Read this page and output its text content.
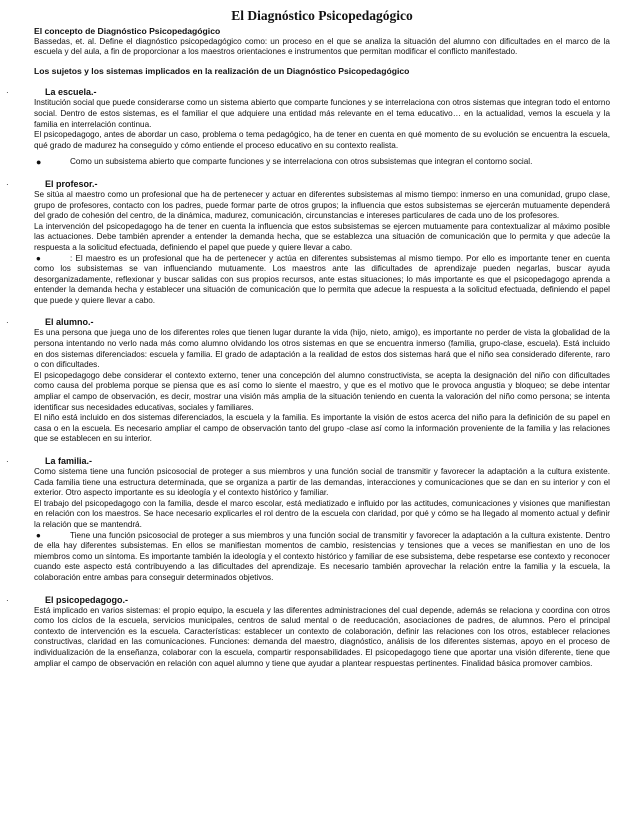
El Diagnóstico Psicopedagógico
El concepto de Diagnóstico Psicopedagógico

Bassedas, et. al. Define el diagnóstico psicopedagógico como: un proceso en el que se analiza la situación del alumno con dificultades en el marco de la escuela y del aula, a fin de proporcionar a los maestros orientaciones e instrumentos que permitan modificar el conflicto manifestado.

Los sujetos y los sistemas implicados en la realización de un Diagnóstico Psicopedagógico
·	La escuela.-

Institución social que puede considerarse como un sistema abierto que comparte funciones y se interrelaciona con otros sistemas que integran todo el entorno social. Dentro de estos sistemas, es el familiar el que adquiere una entidad más relevante en el tema educativo… en la actualidad, vemos la escuela y la familia en interrelación continua.

El psicopedagogo, antes de abordar un caso, problema o tema pedagógico, ha de tener en cuenta en qué momento de su evolución se encuentra la escuela, qué grado de madurez ha conseguido y cómo entiende el proceso educativo en su contexto realista.

●	Como un subsistema abierto que comparte funciones y se interrelaciona con otros subsistemas que integran el contorno social.

·	El profesor.-

Se sitúa al maestro como un profesional que ha de pertenecer y actuar en diferentes subsistemas al mismo tiempo: inmerso en una comunidad, grupo clase, grupo de profesores, contacto con los padres, puede formar parte de otros grupos; la influencia que estos subsistemas se ejercerán mutuamente dependerá del grado de cohesión del centro, de la dinámica, madurez, comunicación, circunstancias e intereses particulares de cada uno de los profesores.

La intervención del psicopedagogo ha de tener en cuenta la influencia que estos subsistemas se ejercen mutuamente para contextualizar al máximo posible las actuaciones. Debe también aprender a entender la demanda hecha, que se establezca una situación de comunicación que lo permita y que adecúe la respuesta a la solicitud efectuada, definiendo el papel que puede y quiere llevar a cabo.

●	: El maestro es un profesional que ha de pertenecer y actúa en diferentes subsistemas al mismo tiempo. Por ello es importante tener en cuenta como los subsistemas se van influenciando mutuamente. Los maestros ante las dificultades de aprendizaje pueden negarlas, buscar ayuda desorganizadamente, reflexionar y buscar salidas con sus propios recursos, ante estas situaciones; lo más importante es que el psicopedagogo aprenda a entender la demanda hecha y establecer una situación de comunicación que lo permita que adecue la respuesta a la solicitud efectuada, definiendo el papel que puede y quiere llevar a cabo.

·	El alumno.-

Es una persona que juega uno de los diferentes roles que tienen lugar durante la vida (hijo, nieto, amigo), es importante no perder de vista la globalidad de la persona intentando no verlo nada más como alumno olvidando los otros sistemas en que se encuentra inmerso (familia, grupo-clase, escuela). Está incluido en dos sistemas diferenciados: escuela y familia. El grado de adaptación a la realidad de estos dos sistemas hará que el niño sea considerado diferente, raro o con dificultades.

El psicopedagogo debe considerar el contexto externo, tener una concepción del alumno constructivista, se acepta la designación del niño con dificultades como causa del problema porque se piensa que es así como lo siente el maestro, y que es el motivo que le provoca angustia y bloqueo; se debe intentar ampliar el campo de observación, es decir, mostrar una visión más amplia de la situación teniendo en cuenta la valoración del niño como persona; se intenta identificar sus necesidades educativas, sociales y familiares.

El niño está incluido en dos sistemas diferenciados, la escuela y la familia. Es importante la visión de estos acerca del niño para la definición de su papel en casa o en la escuela. Es necesario ampliar el campo de observación tanto del grupo -clase así como la información proveniente de la familia y las relaciones que se establecen en su interior.

·	La familia.-

Como sistema tiene una función psicosocial de proteger a sus miembros y una función social de transmitir y favorecer la adaptación a la cultura existente. Cada familia tiene una estructura determinada, que se organiza a partir de las demandas, interacciones y comunicaciones que se dan en su interior y con el exterior. Otro aspecto importante es su ideología y el contexto histórico y familiar.

El trabajo del psicopedagogo con la familia, desde el marco escolar, está mediatizado e influido por las actitudes, comunicaciones y visiones que manifiestan en relación con los maestros. Se hace necesario explicarles el rol dentro de la escuela con claridad, por qué y cómo se ha llegado al momento actual y definir la relación que se mantendrá.

●	Tiene una función psicosocial de proteger a sus miembros y una función social de transmitir y favorecer la adaptación a la cultura existente. Dentro de ella hay diferentes subsistemas. En ellos se manifiestan momentos de cambio, resistencias y tensiones que a veces se manifiestan en uno de los miembros como un síntoma. Es importante también la ideología y el contexto histórico y familiar de ese subsistema, debe respetarse ese contexto y reconocer cuando este aspecto está contribuyendo a las dificultades del aprendizaje. Es necesario también aprovechar la relación entre la familia y la escuela, la colaboración entre ambas para conseguir determinados objetivos.

·	El psicopedagogo.-

Está implicado en varios sistemas: el propio equipo, la escuela y las diferentes administraciones del cual depende, además se relaciona y coordina con otros como los ciclos de la escuela, servicios municipales, centros de salud mental o de reeducación, asociaciones de padres, de alumnos. Pero el principal contexto de intervención es la escuela. Características: establecer un contexto de colaboración, definir las relaciones con los otros, establecer relaciones constructivas, claridad en las comunicaciones. Funciones: demanda del maestro, diagnóstico, análisis de los diferentes sistemas, apoyo en el proceso de individualización de la enseñanza, colaborar con la escuela, compartir responsabilidades. El psicopedagogo tiene que aportar una visión diferente, tiene que ampliar el campo de observación en relación con aquel alumno y tiene que ayudar a plantear respuestas pertinentes. Finalidad básica promover cambios.
